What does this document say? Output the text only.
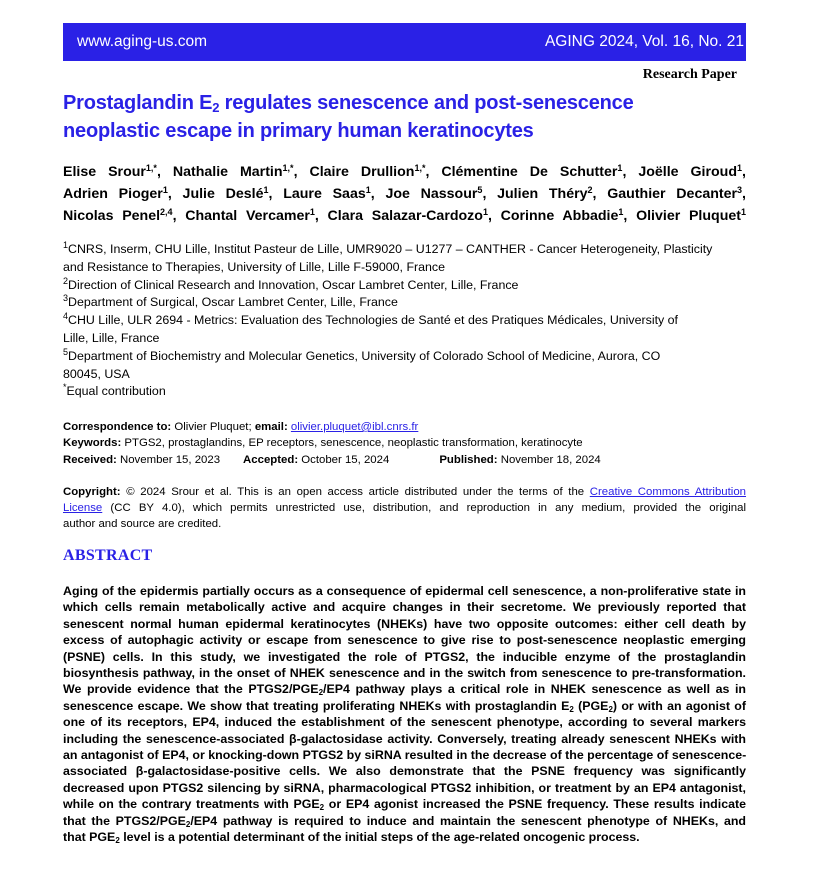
www.aging-us.com	AGING 2024, Vol. 16, No. 21
Research Paper
Prostaglandin $E_2$ regulates senescence and post-senescence
neoplastic escape in primary human keratinocytes
Elise Srour$^{1,*}$, Nathalie Martin$^{1,*}$, Claire Drullion$^{1,*}$, Clémentine De Schutter$^1$, Joëlle Giroud$^1$,
Adrien Pioger$^1$, Julie Deslé$^1$, Laure Saas$^1$, Joe Nassour$^5$, Julien Théry$^2$, Gauthier Decanter$^3$,
Nicolas Penel$^{2,4}$, Chantal Vercamer$^1$, Clara Salazar-Cardozo$^1$, Corinne Abbadie$^1$, Olivier Pluquet$^1$
$^1$CNRS, Inserm, CHU Lille, Institut Pasteur de Lille, UMR9020 – U1277 – CANTHER - Cancer Heterogeneity, Plasticity
and Resistance to Therapies, University of Lille, Lille F-59000, France
$^2$Direction of Clinical Research and Innovation, Oscar Lambret Center, Lille, France
$^3$Department of Surgical, Oscar Lambret Center, Lille, France
$^4$CHU Lille, ULR 2694 - Metrics: Evaluation des Technologies de Santé et des Pratiques Médicales, University of
Lille, Lille, France
$^5$Department of Biochemistry and Molecular Genetics, University of Colorado School of Medicine, Aurora, CO
80045, USA
*Equal contribution
Correspondence to: Olivier Pluquet; email: olivier.pluquet@ibl.cnrs.fr
Keywords: PTGS2, prostaglandins, EP receptors, senescence, neoplastic transformation, keratinocyte
Received: November 15, 2023 Accepted: October 15, 2024	Published: November 18, 2024
Copyright: © 2024 Srour et al. This is an open access article distributed under the terms of the Creative Commons Attribution
License (CC BY 4.0), which permits unrestricted use, distribution, and reproduction in any medium, provided the original
author and source are credited.
ABSTRACT
Aging of the epidermis partially occurs as a consequence of epidermal cell senescence, a non-proliferative state in
which cells remain metabolically active and acquire changes in their secretome. We previously reported that
senescent normal human epidermal keratinocytes (NHEKs) have two opposite outcomes: either cell death by
excess of autophagic activity or escape from senescence to give rise to post-senescence neoplastic emerging
(PSNE) cells. In this study, we investigated the role of PTGS2, the inducible enzyme of the prostaglandin
biosynthesis pathway, in the onset of NHEK senescence and in the switch from senescence to pre-transformation.
We provide evidence that the $PTGS2/PGE_2/EP4$ pathway plays a critical role in NHEK senescence as well as in
senescence escape. We show that treating proliferating NHEKs with prostaglandin $E_2$ $(PGE_2)$ or with an agonist of
one of its receptors, EP4, induced the establishment of the senescent phenotype, according to several markers
including the senescence-associated β-galactosidase activity. Conversely, treating already senescent NHEKs with
an antagonist of EP4, or knocking-down PTGS2 by siRNA resulted in the decrease of the percentage of senescence-
associated β-galactosidase-positive cells. We also demonstrate that the PSNE frequency was significantly
decreased upon PTGS2 silencing by siRNA, pharmacological PTGS2 inhibition, or treatment by an EP4 antagonist,
while on the contrary treatments with $PGE_2$ or EP4 agonist increased the PSNE frequency. These results indicate
that the $PTGS2/PGE_2/EP4$ pathway is required to induce and maintain the senescent phenotype of NHEKs, and
that $PGE_2$ level is a potential determinant of the initial steps of the age-related oncogenic process.
